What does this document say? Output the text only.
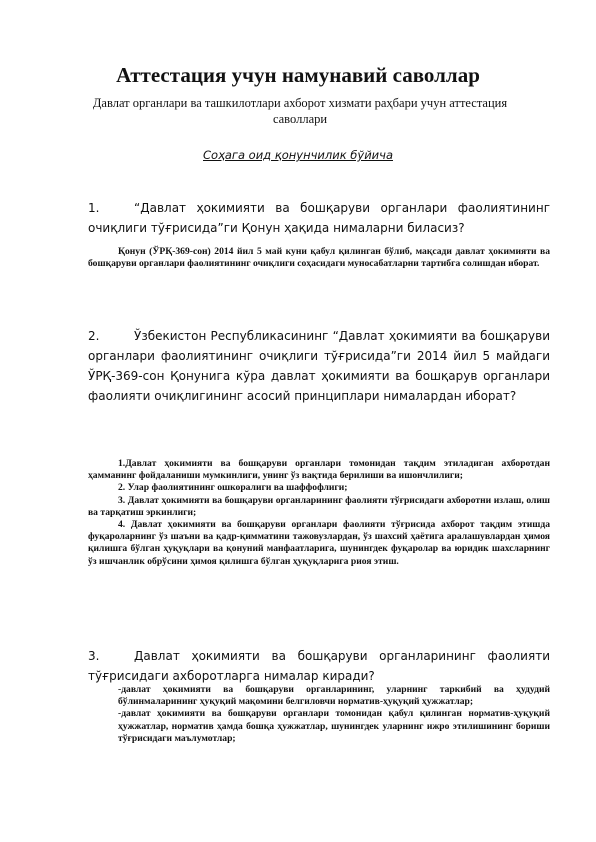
Аттестация учун намунавий саволлар
Давлат органлари ва ташкилотлари ахборот хизмати раҳбари учун аттестация саволлари
Соҳага оид қонунчилик бўйича
1.	“Давлат ҳокимияти ва бошқаруви органлари фаолиятининг очиқлиги тўғрисида”ги Қонун ҳақида нималарни биласиз?

Қонун (ЎРҚ-369-сон) 2014 йил 5 май куни қабул қилинган бўлиб, мақсади давлат ҳокимияти ва бошқаруви органлари фаолиятининг очиқлиги соҳасидаги муносабатларни тартибга солишдан иборат.

2.	Ўзбекистон Республикасининг “Давлат ҳокимияти ва бошқаруви органлари фаолиятининг очиқлиги тўғрисида”ги 2014 йил 5 майдаги ЎРҚ-369-сон Қонунига кўра давлат ҳокимияти ва бошқарув органлари фаолияти очиқлигининг асосий принциплари нималардан иборат?

1.Давлат ҳокимияти ва бошқаруви органлари томонидан тақдим этиладиган ахборотдан ҳамманинг фойдаланиши мумкинлиги, унинг ўз вақтида берилиши ва ишончлилиги;

2. Улар фаолиятининг ошкоралиги ва шаффофлиги;

3. Давлат ҳокимияти ва бошқаруви органларининг фаолияти тўғрисидаги ахборотни излаш, олиш ва тарқатиш эркинлиги;

4. Давлат ҳокимияти ва бошқаруви органлари фаолияти тўғрисида ахборот тақдим этишда фуқароларнинг ўз шаъни ва қадр-қимматини тажовузлардан, ўз шахсий ҳаётига аралашувлардан ҳимоя қилишга бўлган ҳуқуқлари ва қонуний манфаатларига, шунингдек фуқаролар ва юридик шахсларнинг ўз ишчанлик обрўсини ҳимоя қилишга бўлган ҳуқуқларига риоя этиш.

3.	Давлат ҳокимияти ва бошқаруви органларининг фаолияти тўғрисидаги ахборотларга нималар киради?

-давлат ҳокимияти ва бошқаруви органларининг, уларнинг таркибий ва ҳудудий бўлинмаларининг ҳуқуқий мақомини белгиловчи норматив-ҳуқуқий ҳужжатлар;

-давлат ҳокимияти ва бошқаруви органлари томонидан қабул қилинган норматив-ҳуқуқий ҳужжатлар, норматив ҳамда бошқа ҳужжатлар, шунингдек уларнинг ижро этилишининг бориши тўғрисидаги маълумотлар;
